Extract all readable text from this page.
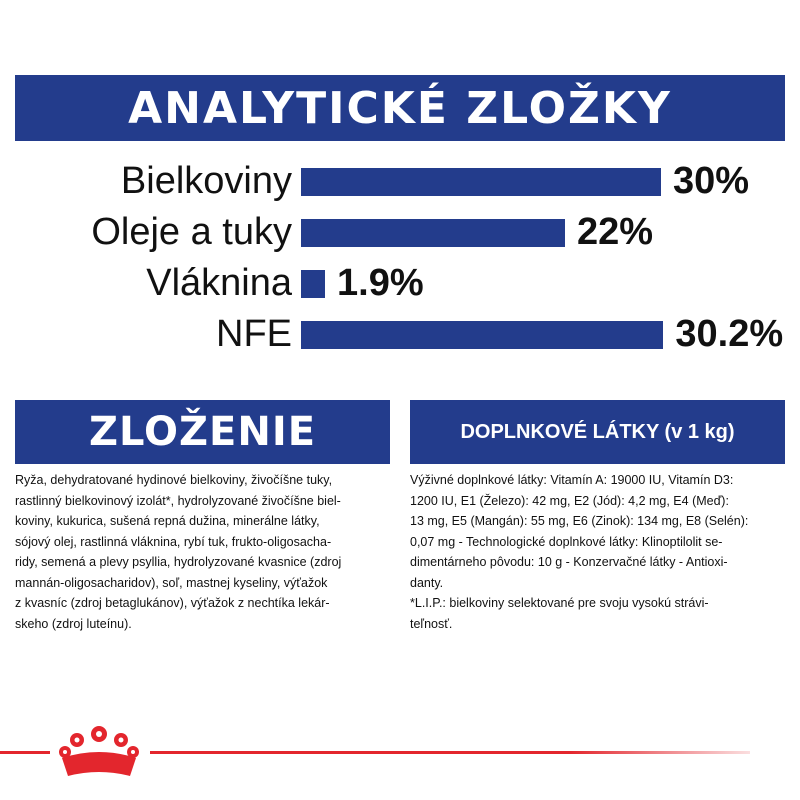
ANALYTICKÉ ZLOŽKY
Bielkoviny	30%
Oleje a tuky	22%
Vláknina 1.9%
NFE	30.2%
ZLOŽENIE

Ryža, dehydratované hydinové bielkoviny, živočíšne tuky,

rastlinný bielkovinový izolát*, hydrolyzované živočíšne biel-

koviny, kukurica, sušená repná dužina, minerálne látky,

sójový olej, rastlinná vláknina, rybí tuk, frukto-oligosacha-

ridy, semená a plevy psyllia, hydrolyzované kvasnice (zdroj

mannán-oligosacharidov), soľ, mastnej kyseliny, výťažok

z kvasníc (zdroj betaglukánov), výťažok z nechtíka lekár-

skeho (zdroj luteínu).

DOPLNKOVÉ LÁTKY (v 1 kg)

Výživné doplnkové látky: Vitamín A: 19000 IU, Vitamín D3:

1200 IU, E1 (Železo): 42 mg, E2 (Jód): 4,2 mg, E4 (Meď):

13 mg, E5 (Mangán): 55 mg, E6 (Zinok): 134 mg, E8 (Selén):

0,07 mg - Technologické doplnkové látky: Klinoptilolit se-

dimentárneho pôvodu: 10 g - Konzervačné látky - Antioxi-

danty.

*L.I.P.: bielkoviny selektované pre svoju vysokú strávi-

teľnosť.
